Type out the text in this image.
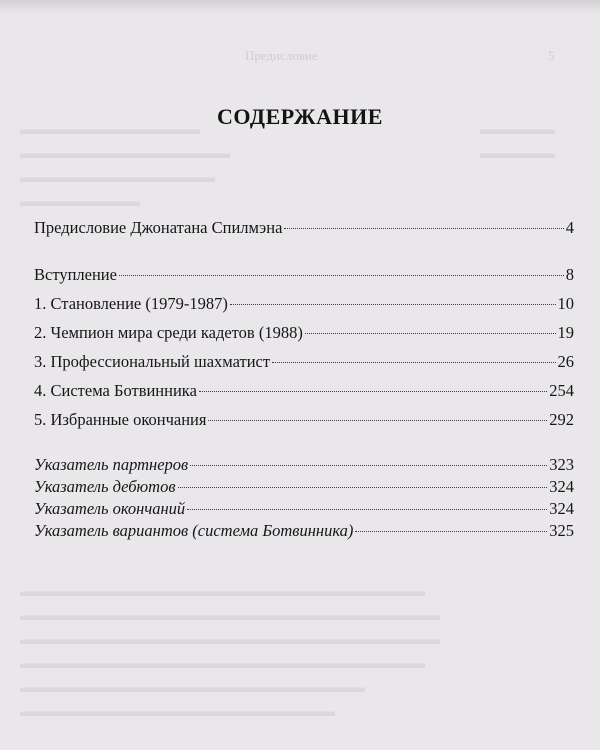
Предисловие	5
▬▬▬▬▬▬▬▬▬▬▬▬
▬▬▬▬▬▬▬▬▬▬▬▬▬▬
▬▬▬▬▬▬▬▬▬▬▬▬▬
▬▬▬▬▬▬▬▬
▬▬▬▬▬
▬▬▬▬▬
▬▬▬▬▬▬▬▬▬▬▬▬▬▬▬▬▬▬▬▬▬▬▬▬▬▬▬
▬▬▬▬▬▬▬▬▬▬▬▬▬▬▬▬▬▬▬▬▬▬▬▬▬▬▬▬
▬▬▬▬▬▬▬▬▬▬▬▬▬▬▬▬▬▬▬▬▬▬▬▬▬▬▬▬
▬▬▬▬▬▬▬▬▬▬▬▬▬▬▬▬▬▬▬▬▬▬▬▬▬▬▬
▬▬▬▬▬▬▬▬▬▬▬▬▬▬▬▬▬▬▬▬▬▬▬
▬▬▬▬▬▬▬▬▬▬▬▬▬▬▬▬▬▬▬▬▬
СОДЕРЖАНИЕ
Предисловие Джонатана Спилмэна	4
Вступление	8
1. Становление (1979-1987)	10
2. Чемпион мира среди кадетов (1988)	19
3. Профессиональный шахматист	26
4. Система Ботвинника	254
5. Избранные окончания	292
Указатель партнеров	323
Указатель дебютов	324
Указатель окончаний	324
Указатель вариантов (система Ботвинника)	325
